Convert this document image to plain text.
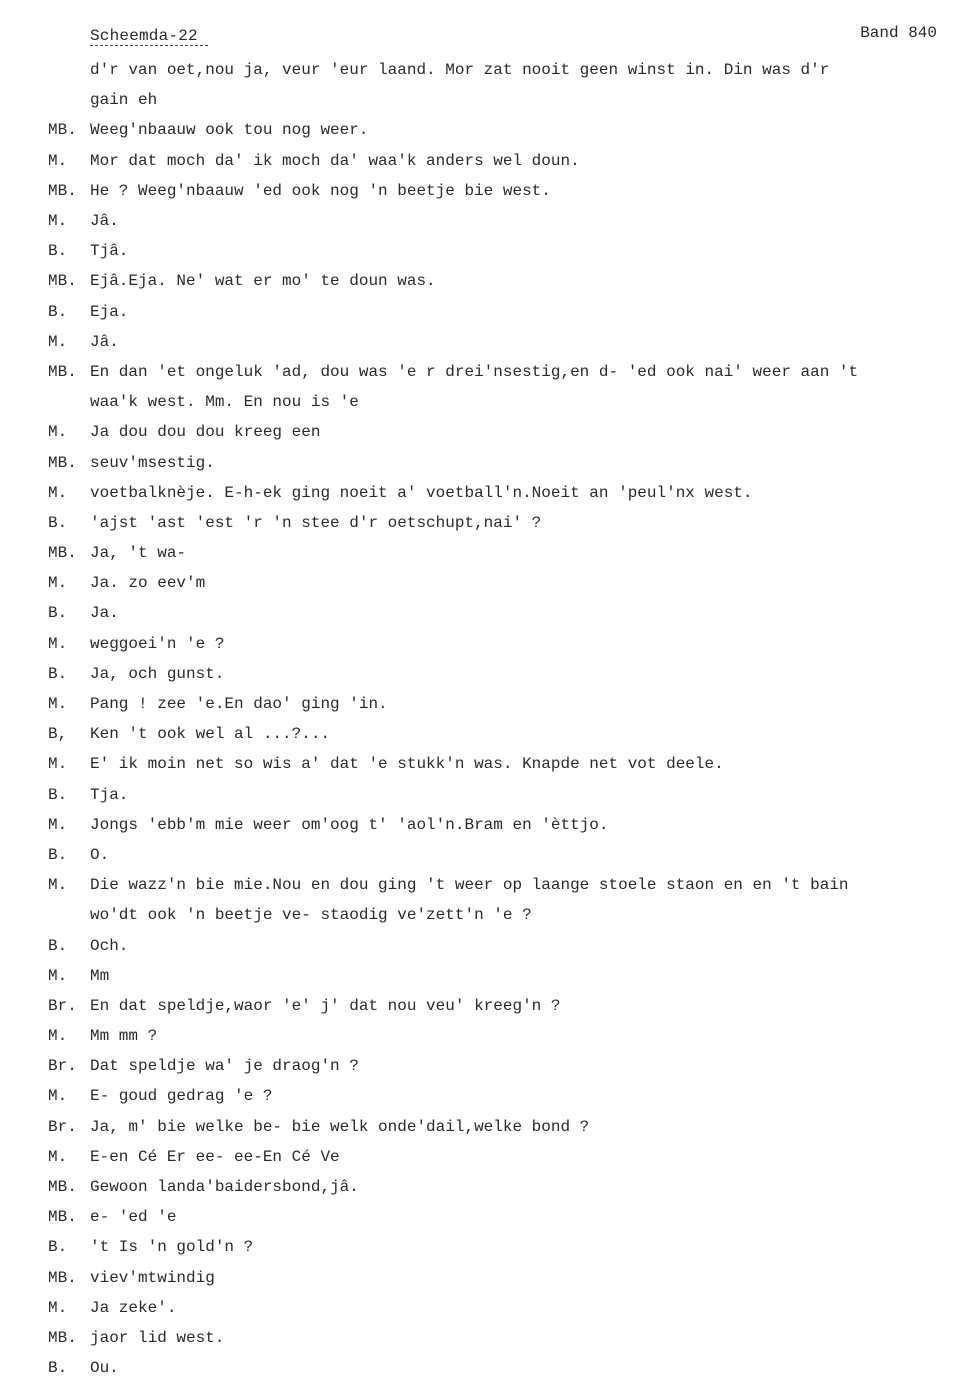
Scheemda-22	Band 840
d'r van oet,nou ja, veur 'eur laand. Mor zat nooit geen winst in. Din was d'r
gain eh
MB. Weeg'nbaauw ook tou nog weer.
M.	Mor dat moch da' ik moch da' waa'k anders wel doun.
MB. He ? Weeg'nbaauw 'ed ook nog 'n beetje bie west.
M.	Jâ.
B.	Tjâ.
MB. Ejâ.Eja. Ne' wat er mo' te doun was.
B.	Eja.
M.	Jâ.
MB. En dan 'et ongeluk 'ad, dou was 'e r drei'nsestig,en d- 'ed ook nai' weer aan 't
waa'k west. Mm. En nou is 'e
M.	Ja dou dou dou kreeg een
MB. seuv'msestig.
M.	voetbalknèje. E-h-ek ging noeit a' voetball'n.Noeit an 'peul'nx west.
B.	'ajst 'ast 'est 'r 'n stee d'r oetschupt,nai' ?
MB. Ja, 't wa-
M.	Ja. zo eev'm
B.	Ja.
M.	weggoei'n 'e ?
B.	Ja, och gunst.
M.	Pang ! zee 'e.En dao' ging 'in.
B,	Ken 't ook wel al ...?...
M.	E' ik moin net so wis a' dat 'e stukk'n was. Knapde net vot deele.
B.	Tja.
M.	Jongs 'ebb'm mie weer om'oog t' 'aol'n.Bram en 'èttjo.
B.	O.
M.	Die wazz'n bie mie.Nou en dou ging 't weer op laange stoele staon en en 't bain
wo'dt ook 'n beetje ve- staodig ve'zett'n 'e ?
B.	Och.
M.	Mm
Br. En dat speldje,waor 'e' j' dat nou veu' kreeg'n ?
M.	Mm mm ?
Br. Dat speldje wa' je draog'n ?
M.	E- goud gedrag 'e ?
Br. Ja, m' bie welke be- bie welk onde'dail,welke bond ?
M.	E-en Cé Er ee- ee-En Cé Ve
MB. Gewoon landa'baidersbond,jâ.
MB. e- 'ed 'e
B.	't Is 'n gold'n ?
MB. viev'mtwindig
M.	Ja zeke'.
MB. jaor lid west.
B.	Ou.
